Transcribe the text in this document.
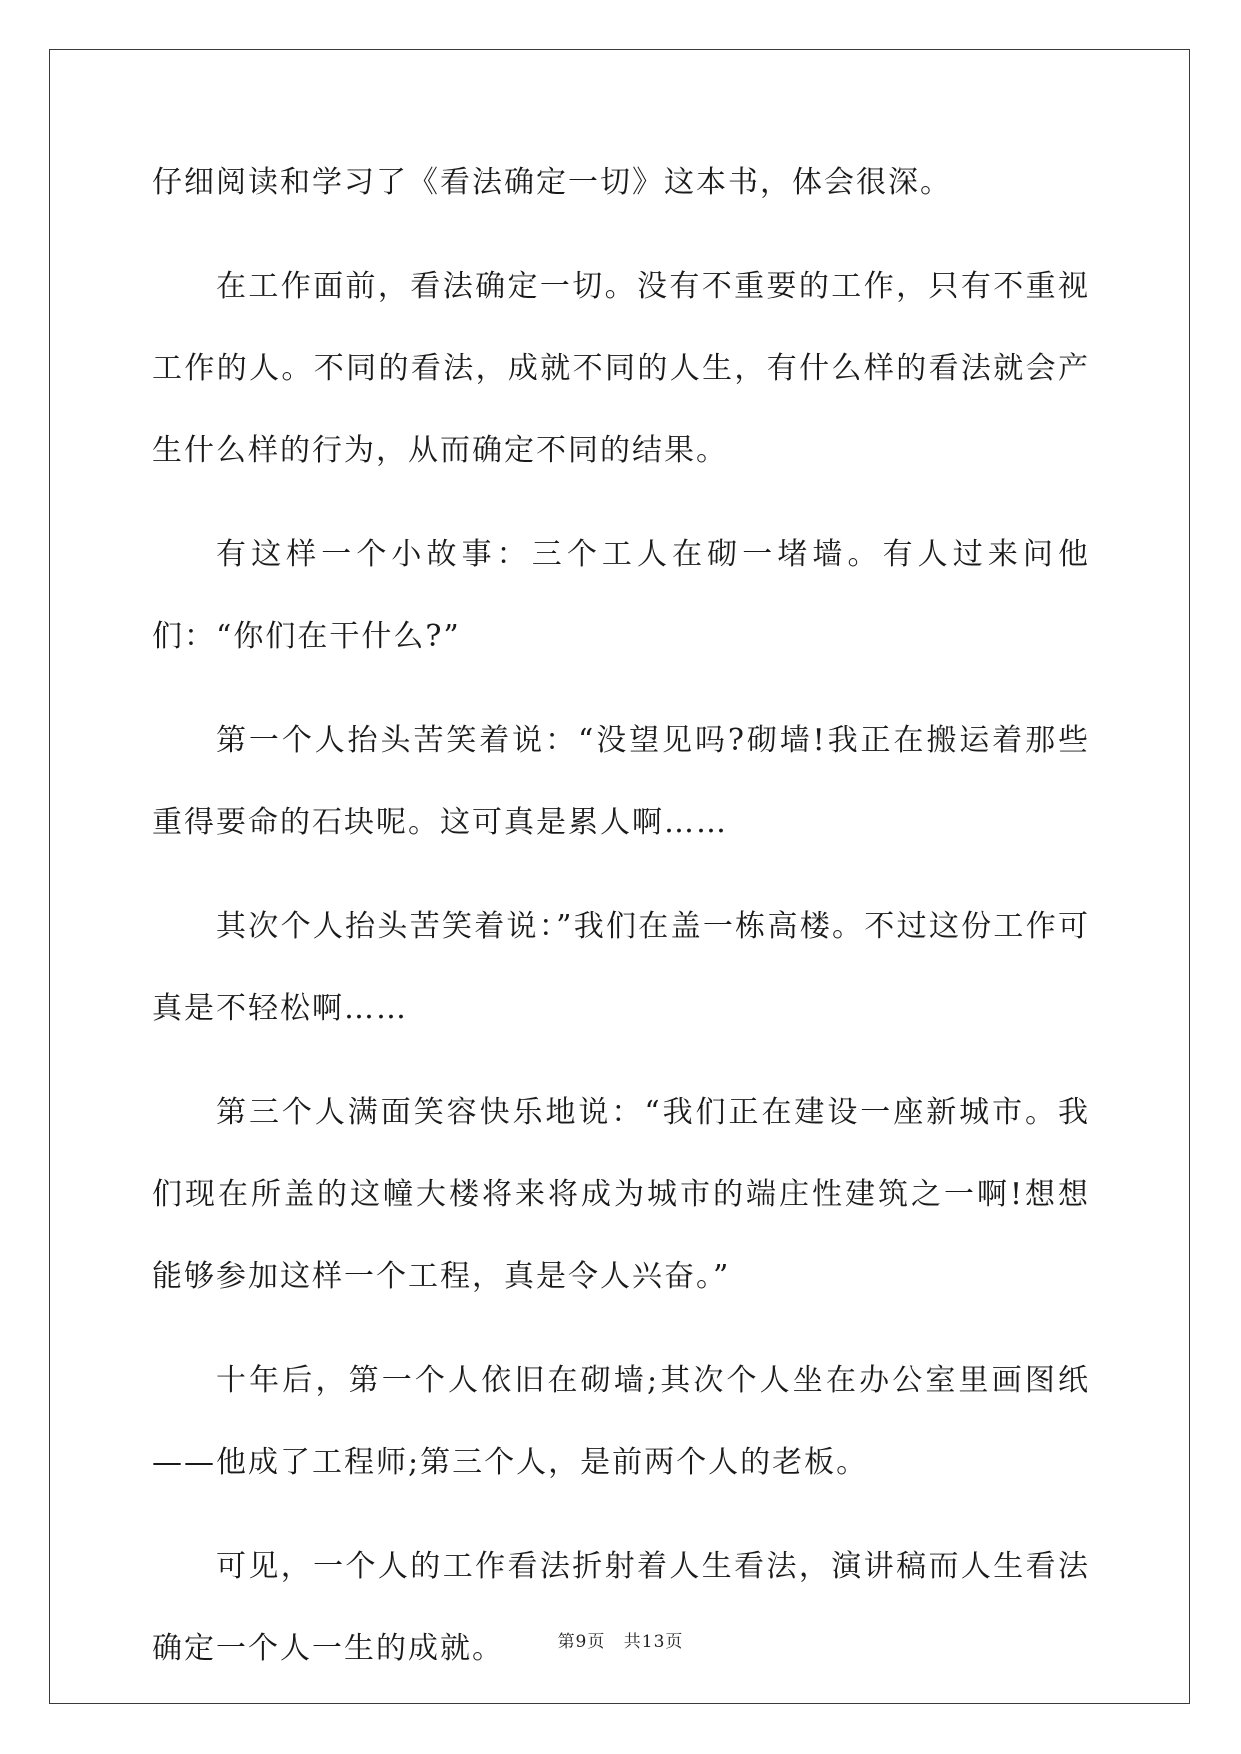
仔细阅读和学习了《看法确定一切》这本书，体会很深。

在工作面前，看法确定一切。没有不重要的工作，只有不重视工作的人。不同的看法，成就不同的人生，有什么样的看法就会产生什么样的行为，从而确定不同的结果。

有这样一个小故事：三个工人在砌一堵墙。有人过来问他们：“你们在干什么?”

第一个人抬头苦笑着说：“没望见吗?砌墙!我正在搬运着那些重得要命的石块呢。这可真是累人啊……

其次个人抬头苦笑着说：”我们在盖一栋高楼。不过这份工作可真是不轻松啊……

第三个人满面笑容快乐地说：“我们正在建设一座新城市。我们现在所盖的这幢大楼将来将成为城市的端庄性建筑之一啊!想想能够参加这样一个工程，真是令人兴奋。”

十年后，第一个人依旧在砌墙;其次个人坐在办公室里画图纸——他成了工程师;第三个人，是前两个人的老板。

可见，一个人的工作看法折射着人生看法，演讲稿而人生看法确定一个人一生的成就。	第9页 共13页
